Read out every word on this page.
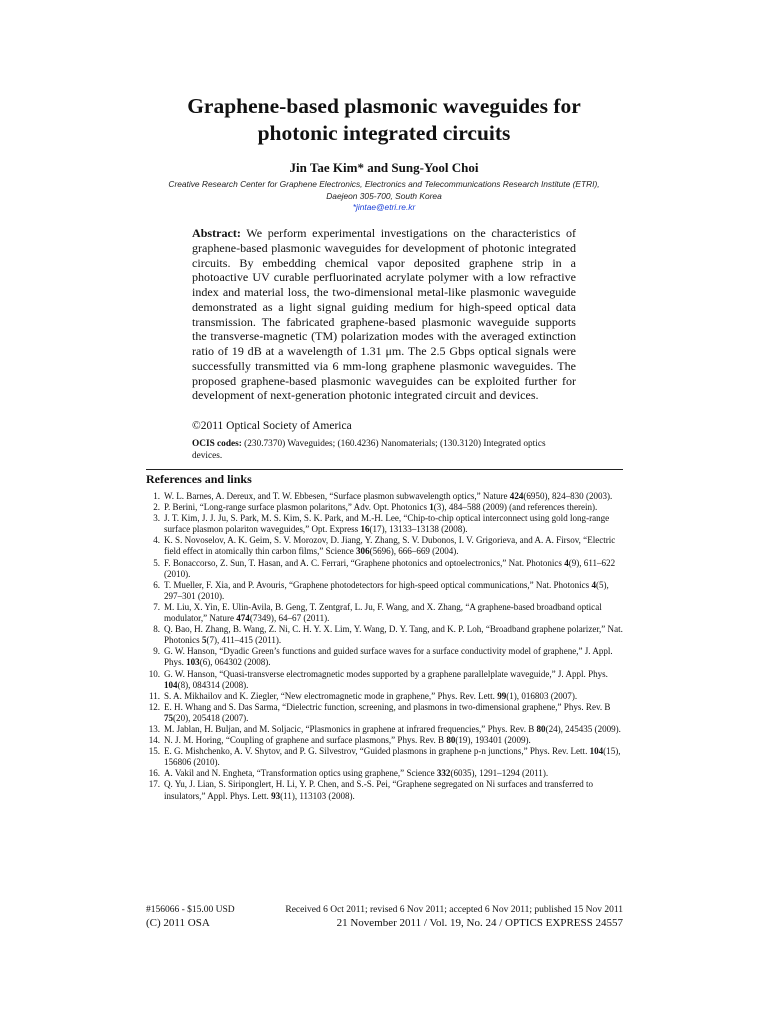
Graphene-based plasmonic waveguides for
photonic integrated circuits
Jin Tae Kim* and Sung-Yool Choi
Creative Research Center for Graphene Electronics, Electronics and Telecommunications Research Institute (ETRI),
Daejeon 305-700, South Korea
*jintae@etri.re.kr
Abstract: We perform experimental investigations on the characteristics of graphene-based plasmonic waveguides for development of photonic integrated circuits. By embedding chemical vapor deposited graphene strip in a photoactive UV curable perfluorinated acrylate polymer with a low refractive index and material loss, the two-dimensional metal-like plasmonic waveguide demonstrated as a light signal guiding medium for high-speed optical data transmission. The fabricated graphene-based plasmonic waveguide supports the transverse-magnetic (TM) polarization modes with the averaged extinction ratio of 19 dB at a wavelength of 1.31 μm. The 2.5 Gbps optical signals were successfully transmitted via 6 mm-long graphene plasmonic waveguides. The proposed graphene-based plasmonic waveguides can be exploited further for development of next-generation photonic integrated circuit and devices.
©2011 Optical Society of America
OCIS codes: (230.7370) Waveguides; (160.4236) Nanomaterials; (130.3120) Integrated optics devices.
References and links
1. W. L. Barnes, A. Dereux, and T. W. Ebbesen, “Surface plasmon subwavelength optics,” Nature 424(6950), 824–830 (2003).
2. P. Berini, “Long-range surface plasmon polaritons,” Adv. Opt. Photonics 1(3), 484–588 (2009) (and references therein).
3. J. T. Kim, J. J. Ju, S. Park, M. S. Kim, S. K. Park, and M.-H. Lee, “Chip-to-chip optical interconnect using gold long-range surface plasmon polariton waveguides,” Opt. Express 16(17), 13133–13138 (2008).
4. K. S. Novoselov, A. K. Geim, S. V. Morozov, D. Jiang, Y. Zhang, S. V. Dubonos, I. V. Grigorieva, and A. A. Firsov, “Electric field effect in atomically thin carbon films,” Science 306(5696), 666–669 (2004).
5. F. Bonaccorso, Z. Sun, T. Hasan, and A. C. Ferrari, “Graphene photonics and optoelectronics,” Nat. Photonics 4(9), 611–622 (2010).
6. T. Mueller, F. Xia, and P. Avouris, “Graphene photodetectors for high-speed optical communications,” Nat. Photonics 4(5), 297–301 (2010).
7. M. Liu, X. Yin, E. Ulin-Avila, B. Geng, T. Zentgraf, L. Ju, F. Wang, and X. Zhang, “A graphene-based broadband optical modulator,” Nature 474(7349), 64–67 (2011).
8. Q. Bao, H. Zhang, B. Wang, Z. Ni, C. H. Y. X. Lim, Y. Wang, D. Y. Tang, and K. P. Loh, “Broadband graphene polarizer,” Nat. Photonics 5(7), 411–415 (2011).
9. G. W. Hanson, “Dyadic Green’s functions and guided surface waves for a surface conductivity model of graphene,” J. Appl. Phys. 103(6), 064302 (2008).
10. G. W. Hanson, “Quasi-transverse electromagnetic modes supported by a graphene parallelplate waveguide,” J. Appl. Phys. 104(8), 084314 (2008).
11. S. A. Mikhailov and K. Ziegler, “New electromagnetic mode in graphene,” Phys. Rev. Lett. 99(1), 016803 (2007).
12. E. H. Whang and S. Das Sarma, “Dielectric function, screening, and plasmons in two-dimensional graphene,” Phys. Rev. B 75(20), 205418 (2007).
13. M. Jablan, H. Buljan, and M. Soljacic, “Plasmonics in graphene at infrared frequencies,” Phys. Rev. B 80(24), 245435 (2009).
14. N. J. M. Horing, “Coupling of graphene and surface plasmons,” Phys. Rev. B 80(19), 193401 (2009).
15. E. G. Mishchenko, A. V. Shytov, and P. G. Silvestrov, “Guided plasmons in graphene p-n junctions,” Phys. Rev. Lett. 104(15), 156806 (2010).
16. A. Vakil and N. Engheta, “Transformation optics using graphene,” Science 332(6035), 1291–1294 (2011).
17. Q. Yu, J. Lian, S. Siriponglert, H. Li, Y. P. Chen, and S.-S. Pei, “Graphene segregated on Ni surfaces and transferred to insulators,” Appl. Phys. Lett. 93(11), 113103 (2008).
#156066 - $15.00 USD	Received 6 Oct 2011; revised 6 Nov 2011; accepted 6 Nov 2011; published 15 Nov 2011
(C) 2011 OSA	21 November 2011 / Vol. 19, No. 24 / OPTICS EXPRESS 24557
